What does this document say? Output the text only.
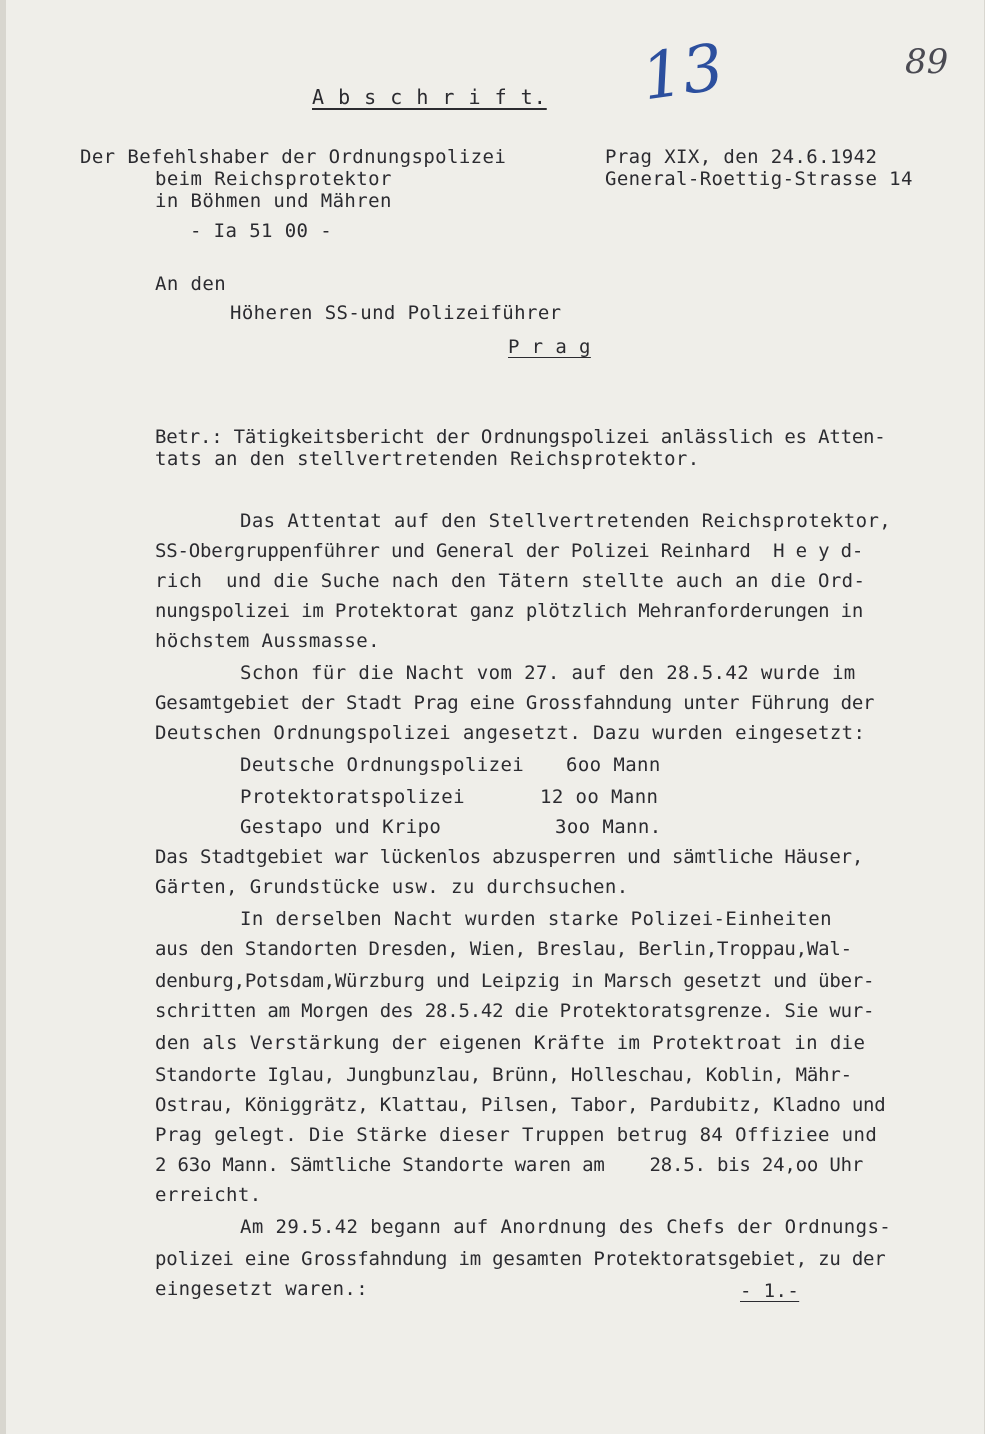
89
13
A b s c h r i f t.
Der Befehlshaber der Ordnungspolizei
beim Reichsprotektor
in Böhmen und Mähren
- Ia 51 00 -
Prag XIX, den 24.6.1942
General-Roettig-Strasse 14
An den
Höheren SS-und Polizeiführer
P r a g
Betr.: Tätigkeitsbericht der Ordnungspolizei anlässlich es Atten-
tats an den stellvertretenden Reichsprotektor.
Das Attentat auf den Stellvertretenden Reichsprotektor,
SS-Obergruppenführer und General der Polizei Reinhard  H e y d-
rich  und die Suche nach den Tätern stellte auch an die Ord-
nungspolizei im Protektorat ganz plötzlich Mehranforderungen in
höchstem Aussmasse.
Schon für die Nacht vom 27. auf den 28.5.42 wurde im
Gesamtgebiet der Stadt Prag eine Grossfahndung unter Führung der
Deutschen Ordnungspolizei angesetzt. Dazu wurden eingesetzt:
Deutsche Ordnungspolizei 6oo Mann
Protektoratspolizei	12 oo Mann
Gestapo und Kripo	3oo Mann.
Das Stadtgebiet war lückenlos abzusperren und sämtliche Häuser,
Gärten, Grundstücke usw. zu durchsuchen.
In derselben Nacht wurden starke Polizei-Einheiten
aus den Standorten Dresden, Wien, Breslau, Berlin,Troppau,Wal-
denburg,Potsdam,Würzburg und Leipzig in Marsch gesetzt und über-
schritten am Morgen des 28.5.42 die Protektoratsgrenze. Sie wur-
den als Verstärkung der eigenen Kräfte im Protektroat in die
Standorte Iglau, Jungbunzlau, Brünn, Holleschau, Koblin, Mähr-
Ostrau, Königgrätz, Klattau, Pilsen, Tabor, Pardubitz, Kladno und
Prag gelegt. Die Stärke dieser Truppen betrug 84 Offiziee und
2 63o Mann. Sämtliche Standorte waren am    28.5. bis 24,oo Uhr
erreicht.
Am 29.5.42 begann auf Anordnung des Chefs der Ordnungs-
polizei eine Grossfahndung im gesamten Protektoratsgebiet, zu der
eingesetzt waren.:	- 1.-
